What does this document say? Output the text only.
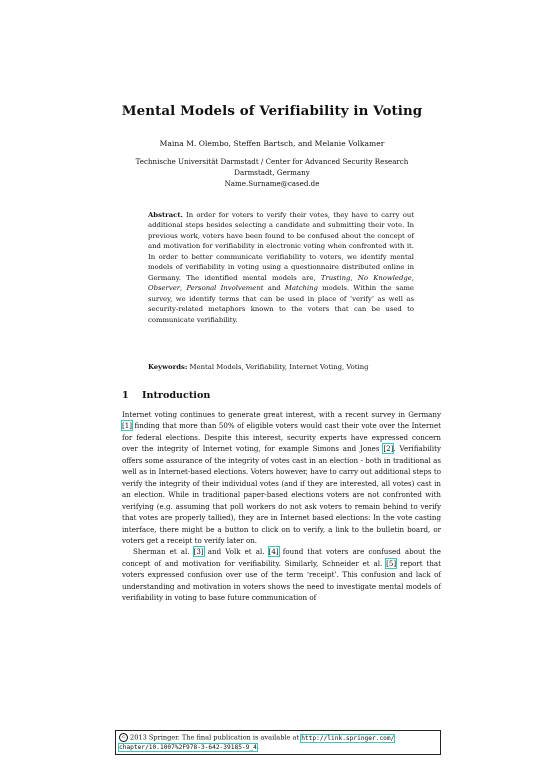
Mental Models of Verifiability in Voting
Maina M. Olembo, Steffen Bartsch, and Melanie Volkamer
Technische Universität Darmstadt / Center for Advanced Security Research
Darmstadt, Germany
Name.Surname@cased.de
Abstract. In order for voters to verify their votes, they have to carry out additional steps besides selecting a candidate and submitting their vote. In previous work, voters have been found to be confused about the concept of and motivation for verifiability in electronic voting when confronted with it. In order to better communicate verifiability to voters, we identify mental models of verifiability in voting using a questionnaire distributed online in Germany. The identified mental models are, Trusting, No Knowledge, Observer, Personal Involvement and Matching models. Within the same survey, we identify terms that can be used in place of ‘verify’ as well as security-related metaphors known to the voters that can be used to communicate verifiability.
Keywords: Mental Models, Verifiability, Internet Voting, Voting
1 Introduction

Internet voting continues to generate great interest, with a recent survey in Germany [1] finding that more than 50% of eligible voters would cast their vote over the Internet for federal elections. Despite this interest, security experts have expressed concern over the integrity of Internet voting, for example Simons and Jones [2]. Verifiability offers some assurance of the integrity of votes cast in an election - both in traditional as well as in Internet-based elections. Voters however, have to carry out additional steps to verify the integrity of their individual votes (and if they are interested, all votes) cast in an election. While in traditional paper-based elections voters are not confronted with verifying (e.g. assuming that poll workers do not ask voters to remain behind to verify that votes are properly tallied), they are in Internet based elections: In the vote casting interface, there might be a button to click on to verify, a link to the bulletin board, or voters get a receipt to verify later on.

Sherman et al. [3] and Volk et al. [4] found that voters are confused about the concept of and motivation for verifiability. Similarly, Schneider et al. [5] report that voters expressed confusion over use of the term ‘receipt’. This confusion and lack of understanding and motivation in voters shows the need to investigate mental models of verifiability in voting to base future communication of

c 2013 Springer. The final publication is available at http://link.springer.com/
chapter/10.1007%2F978-3-642-39185-9_4.
